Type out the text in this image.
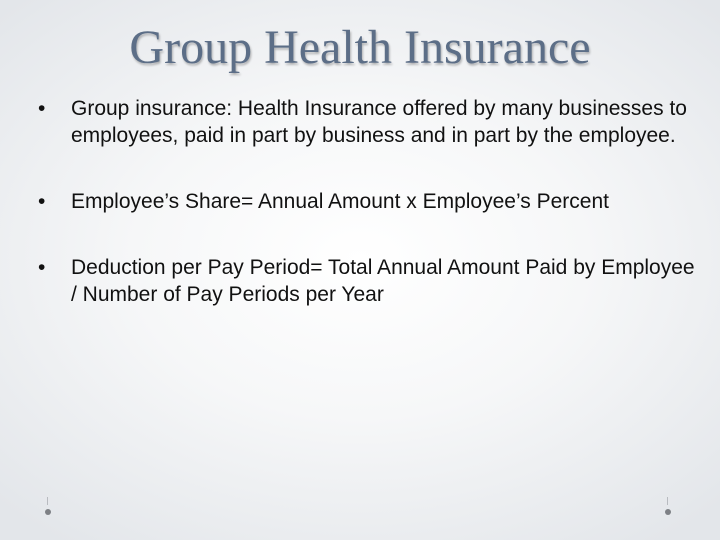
Group Health Insurance
•	Group insurance: Health Insurance offered by many businesses to employees, paid in part by business and in part by the employee.
•	Employee’s Share= Annual Amount x Employee’s Percent
•	Deduction per Pay Period= Total Annual Amount Paid by Employee / Number of Pay Periods per Year
